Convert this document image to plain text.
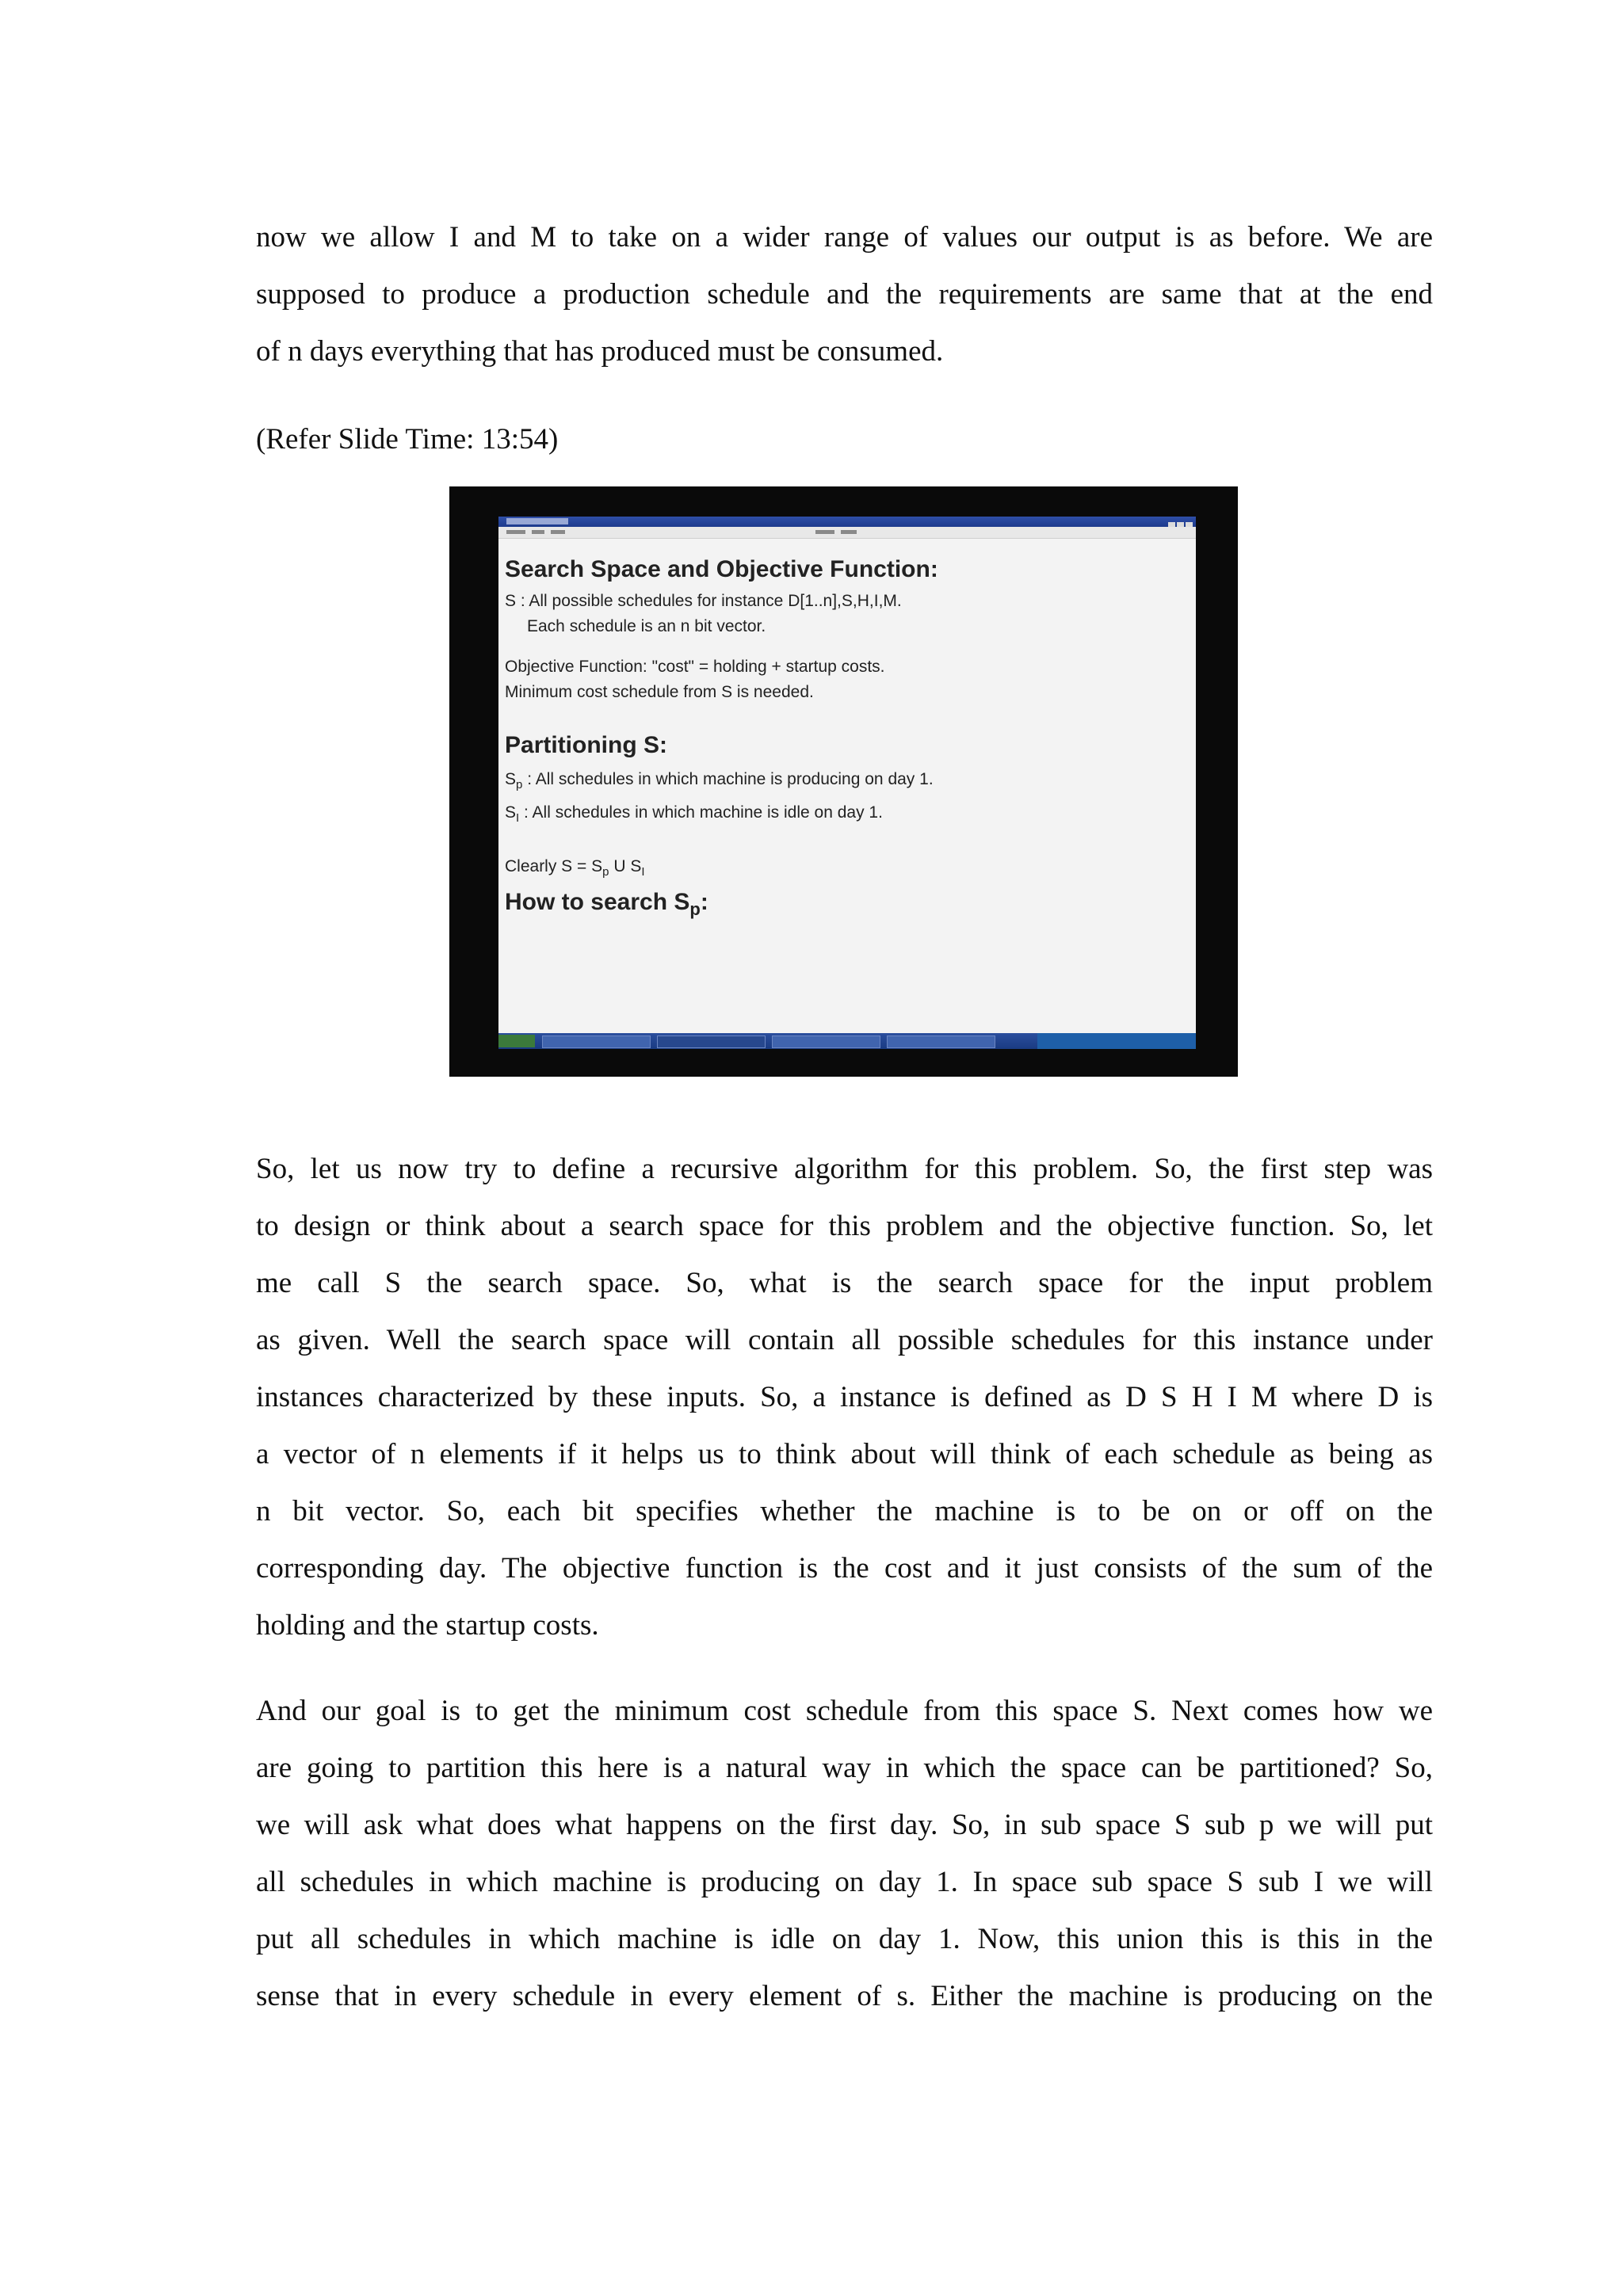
now we allow I and M to take on a wider range of values our output is as before. We are
supposed to produce a production schedule and the requirements are same that at the end
of n days everything that has produced must be consumed.

(Refer Slide Time: 13:54)

Search Space and Objective Function:
S : All possible schedules for instance D[1..n],S,H,I,M.
Each schedule is an n bit vector.
Objective Function: "cost" = holding + startup costs.
Minimum cost schedule from S is needed.
Partitioning S:
$S_p$ : All schedules in which machine is producing on day 1.
$S_I$ : All schedules in which machine is idle on day 1.
Clearly $S = S_p$ U $S_I$
How to search $S_p$:
So, let us now try to define a recursive algorithm for this problem. So, the first step was
to design or think about a search space for this problem and the objective function. So, let
me call S the search space. So, what is the search space for the input problem
as given. Well the search space will contain all possible schedules for this instance under
instances characterized by these inputs. So, a instance is defined as D S H I M where D is
a vector of n elements if it helps us to think about will think of each schedule as being as
n bit vector. So, each bit specifies whether the machine is to be on or off on the
corresponding day. The objective function is the cost and it just consists of the sum of the
holding and the startup costs.
And our goal is to get the minimum cost schedule from this space S. Next comes how we
are going to partition this here is a natural way in which the space can be partitioned? So,
we will ask what does what happens on the first day. So, in sub space S sub p we will put
all schedules in which machine is producing on day 1. In space sub space S sub I we will
put all schedules in which machine is idle on day 1. Now, this union this is this in the
sense that in every schedule in every element of s. Either the machine is producing on the
